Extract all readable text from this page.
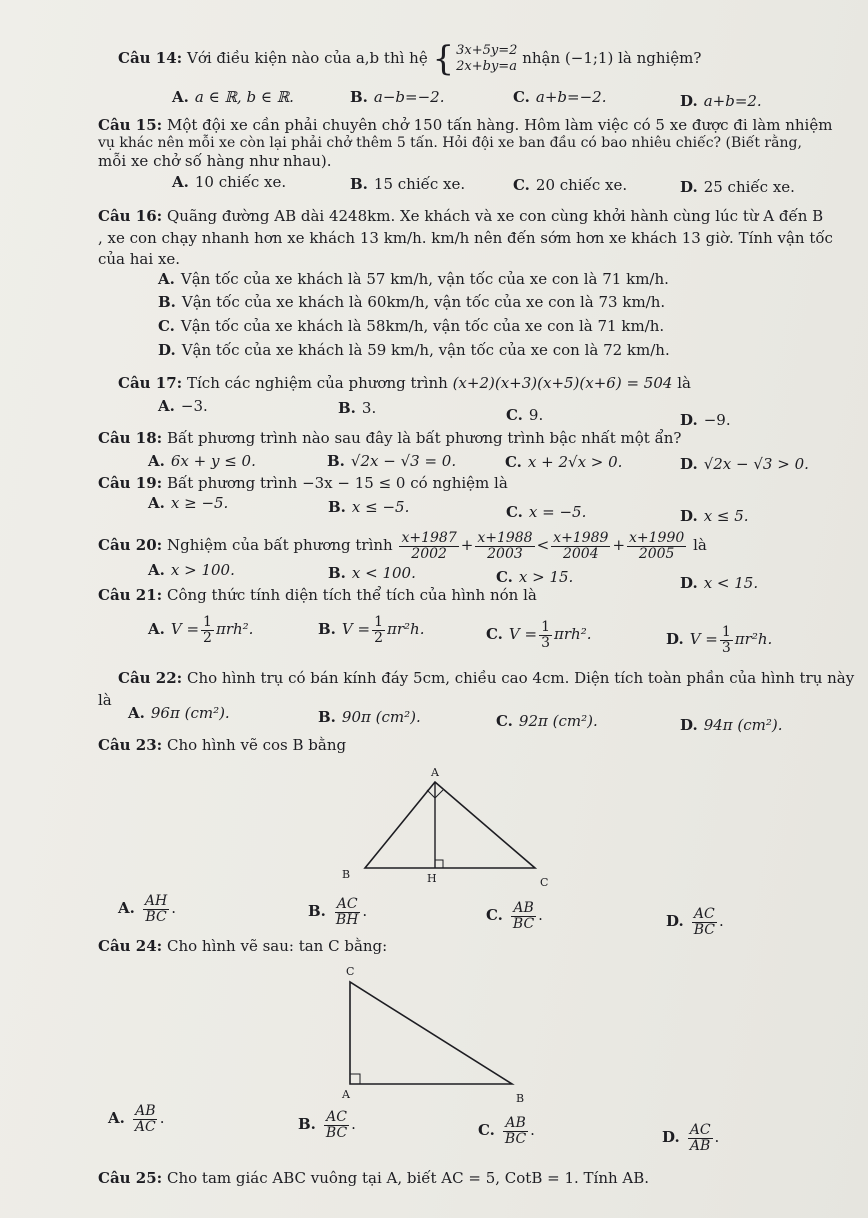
Câu 14: Với điều kiện nào của a,b thì hệ { 3x+5y=2
2x+by=a nhận (−1;1) là nghiệm?
A. a ∈ ℝ, b ∈ ℝ.	B. a−b=−2.	C. a+b=−2.	D. a+b=2.
Câu 15: Một đội xe cần phải chuyên chở 150 tấn hàng. Hôm làm việc có 5 xe được đi làm nhiệm
vụ khác nên mỗi xe còn lại phải chở thêm 5 tấn. Hỏi đội xe ban đầu có bao nhiêu chiếc? (Biết rằng,
mỗi xe chở số hàng như nhau).
A. 10 chiếc xe.	B. 15 chiếc xe.	C. 20 chiếc xe.	D. 25 chiếc xe.
Câu 16: Quãng đường AB dài 4248km. Xe khách và xe con cùng khởi hành cùng lúc từ A đến B
, xe con chạy nhanh hơn xe khách 13 km/h. km/h nên đến sớm hơn xe khách 13 giờ. Tính vận tốc
của hai xe.
A. Vận tốc của xe khách là 57 km/h, vận tốc của xe con là 71 km/h.
B. Vận tốc của xe khách là 60km/h, vận tốc của xe con là 73 km/h.
C. Vận tốc của xe khách là 58km/h, vận tốc của xe con là 71 km/h.
D. Vận tốc của xe khách là 59 km/h, vận tốc của xe con là 72 km/h.
Câu 17: Tích các nghiệm của phương trình (x+2)(x+3)(x+5)(x+6) = 504 là
A. −3.	B. 3.	C. 9.	D. −9.
Câu 18: Bất phương trình nào sau đây là bất phương trình bậc nhất một ẩn?
A. 6x + y ≤ 0.	B. √2x − √3 = 0.	C. x + 2√x > 0.	D. √2x − √3 > 0.
Câu 19: Bất phương trình −3x − 15 ≤ 0 có nghiệm là
A. x ≥ −5.	B. x ≤ −5.	C. x = −5.	D. x ≤ 5.
Câu 20: Nghiệm của bất phương trình $\frac{x+1987}{2002} + \frac{x+1988}{2003} < \frac{x+1989}{2004} + \frac{x+1990}{2005}$ là
A. x > 100.	B. x < 100.	C. x > 15.	D. x < 15.
Câu 21: Công thức tính diện tích thể tích của hình nón là
A. $V = \frac{1}{2} \pi rh^2$.	B. $V = \frac{1}{2} \pi r^2h$.	C. $V = \frac{1}{3} \pi rh^2$.	D. $V = \frac{1}{3} \pi r^2h$.
Câu 22: Cho hình trụ có bán kính đáy 5cm, chiều cao 4cm. Diện tích toàn phần của hình trụ này
là
A. 96π (cm²).	B. 90π (cm²).	C. 92π (cm²).	D. 94π (cm²).
Câu 23: Cho hình vẽ cos B bằng
A
B	H	C
A. $\frac{AH}{BC}$ .	B. $\frac{AC}{BH}$ .	C. $\frac{AB}{BC}$ .	D. $\frac{AC}{BC}$ .
Câu 24: Cho hình vẽ sau: tan C bằng:
C
A	B
A. $\frac{AB}{AC}$ .	B. $\frac{AC}{BC}$ .	C. $\frac{AB}{BC}$ .	D. $\frac{AC}{AB}$ .
Câu 25: Cho tam giác ABC vuông tại A, biết AC = 5, CotB = 1. Tính AB.
